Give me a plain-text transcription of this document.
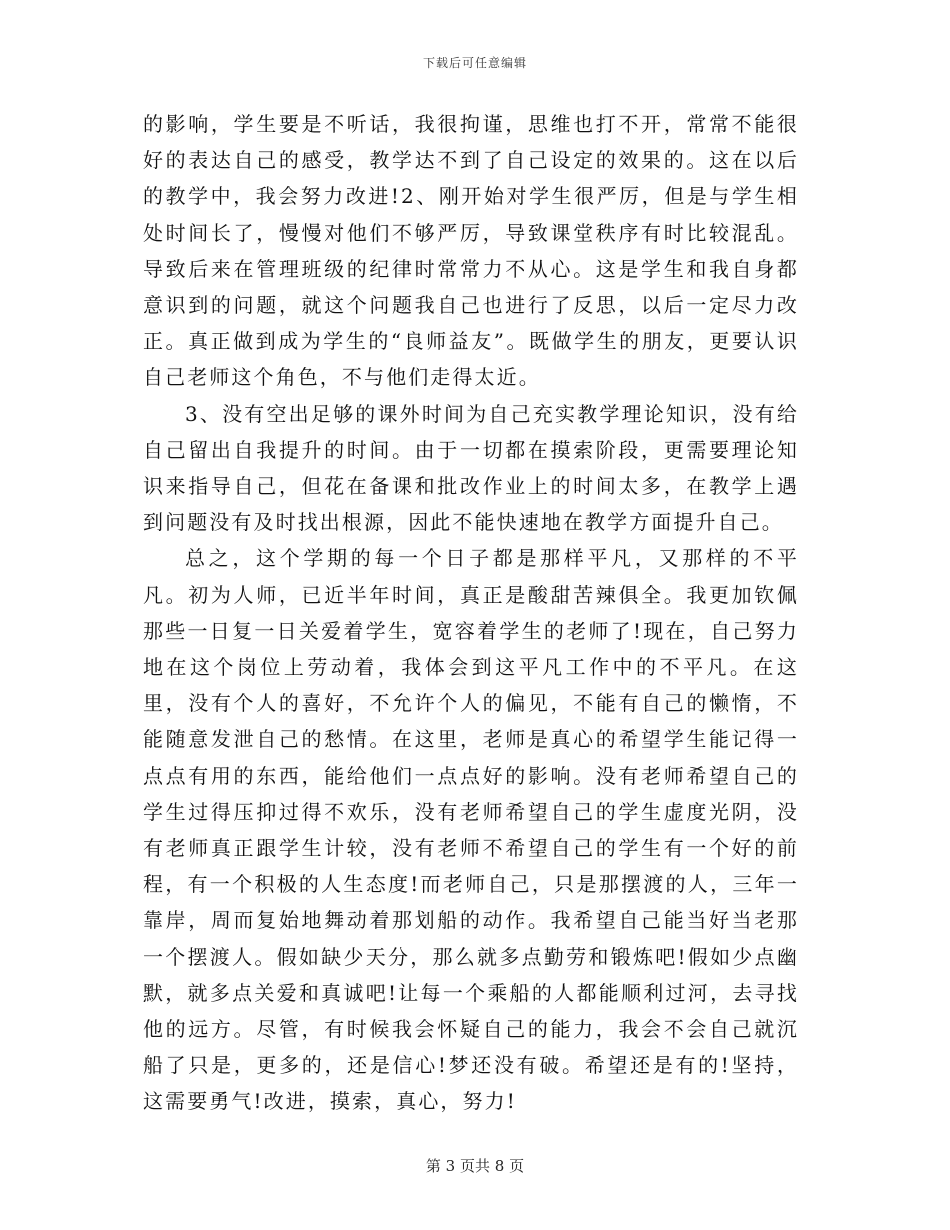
下载后可任意编辑

的影响，学生要是不听话，我很拘谨，思维也打不开，常常不能很好的表达自己的感受，教学达不到了自己设定的效果的。这在以后的教学中，我会努力改进!2、刚开始对学生很严厉，但是与学生相处时间长了，慢慢对他们不够严厉，导致课堂秩序有时比较混乱。导致后来在管理班级的纪律时常常力不从心。这是学生和我自身都意识到的问题，就这个问题我自己也进行了反思，以后一定尽力改正。真正做到成为学生的“良师益友”。既做学生的朋友，更要认识自己老师这个角色，不与他们走得太近。

3、没有空出足够的课外时间为自己充实教学理论知识，没有给自己留出自我提升的时间。由于一切都在摸索阶段，更需要理论知识来指导自己，但花在备课和批改作业上的时间太多，在教学上遇到问题没有及时找出根源，因此不能快速地在教学方面提升自己。

总之，这个学期的每一个日子都是那样平凡，又那样的不平凡。初为人师，已近半年时间，真正是酸甜苦辣俱全。我更加钦佩那些一日复一日关爱着学生，宽容着学生的老师了!现在，自己努力地在这个岗位上劳动着，我体会到这平凡工作中的不平凡。在这里，没有个人的喜好，不允许个人的偏见，不能有自己的懒惰，不能随意发泄自己的愁情。在这里，老师是真心的希望学生能记得一点点有用的东西，能给他们一点点好的影响。没有老师希望自己的学生过得压抑过得不欢乐，没有老师希望自己的学生虚度光阴，没有老师真正跟学生计较，没有老师不希望自己的学生有一个好的前程，有一个积极的人生态度!而老师自己，只是那摆渡的人，三年一靠岸，周而复始地舞动着那划船的动作。我希望自己能当好当老那一个摆渡人。假如缺少天分，那么就多点勤劳和锻炼吧!假如少点幽默，就多点关爱和真诚吧!让每一个乘船的人都能顺利过河，去寻找他的远方。尽管，有时候我会怀疑自己的能力，我会不会自己就沉船了只是，更多的，还是信心!梦还没有破。希望还是有的!坚持，这需要勇气!改进，摸索，真心，努力!

第 3 页共 8 页
